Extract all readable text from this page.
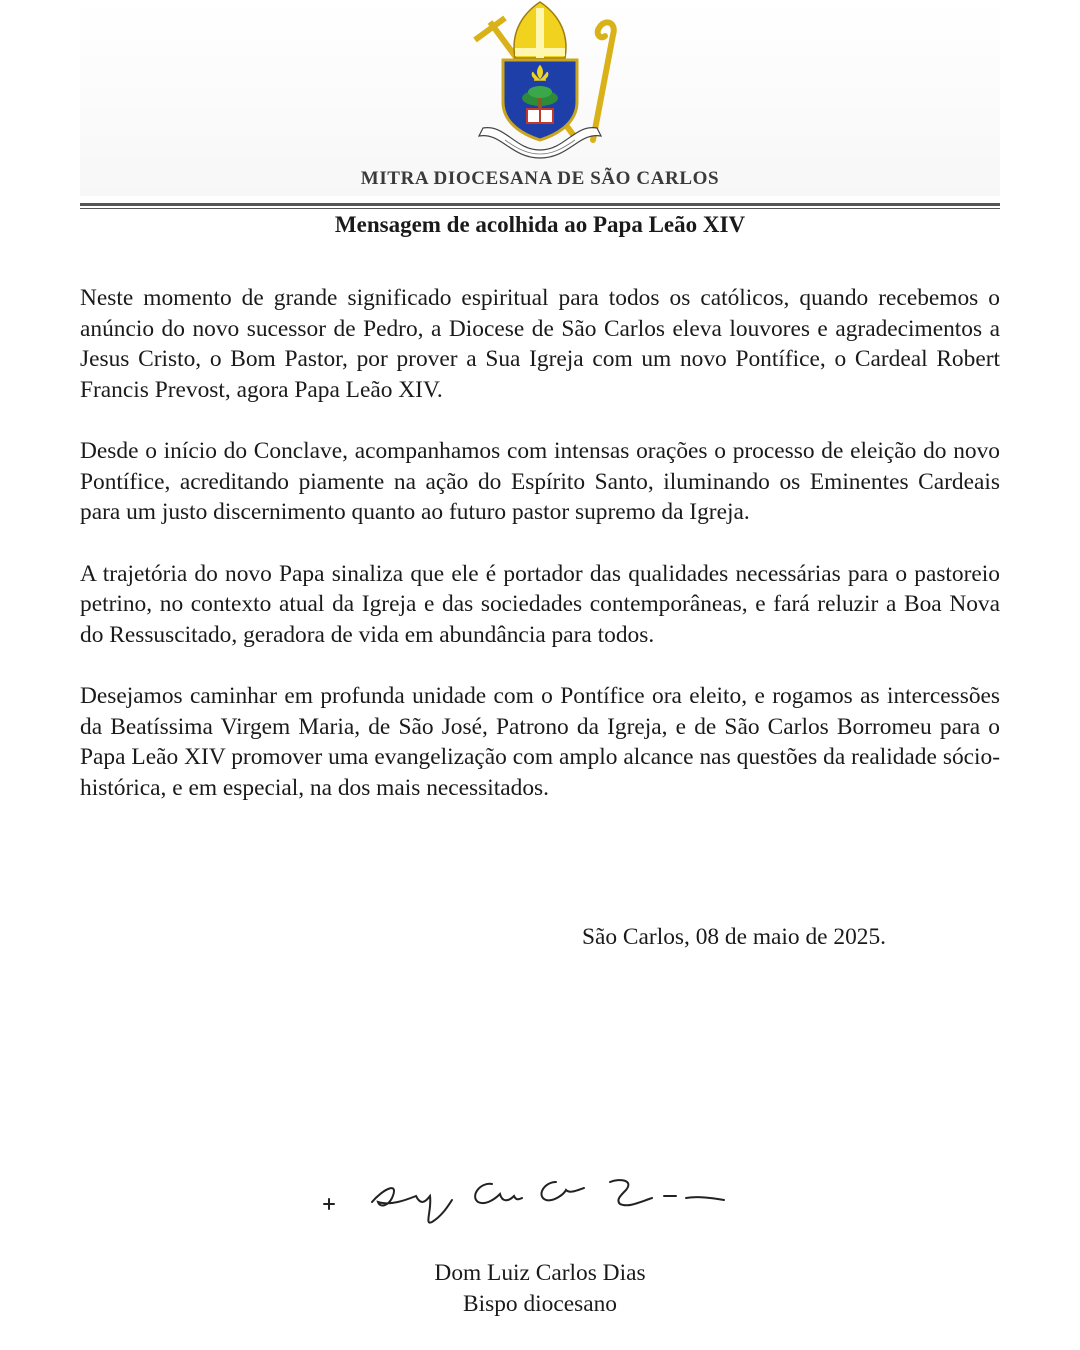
MITRA DIOCESANA DE SÃO CARLOS
Mensagem de acolhida ao Papa Leão XIV

Neste momento de grande significado espiritual para todos os católicos, quando recebemos o anúncio do novo sucessor de Pedro, a Diocese de São Carlos eleva louvores e agradecimentos a Jesus Cristo, o Bom Pastor, por prover a Sua Igreja com um novo Pontífice, o Cardeal Robert Francis Prevost, agora Papa Leão XIV.

Desde o início do Conclave, acompanhamos com intensas orações o processo de eleição do novo Pontífice, acreditando piamente na ação do Espírito Santo, iluminando os Eminentes Cardeais para um justo discernimento quanto ao futuro pastor supremo da Igreja.

A trajetória do novo Papa sinaliza que ele é portador das qualidades necessárias para o pastoreio petrino, no contexto atual da Igreja e das sociedades contemporâneas, e fará reluzir a Boa Nova do Ressuscitado, geradora de vida em abundância para todos.

Desejamos caminhar em profunda unidade com o Pontífice ora eleito, e rogamos as intercessões da Beatíssima Virgem Maria, de São José, Patrono da Igreja, e de São Carlos Borromeu para o Papa Leão XIV promover uma evangelização com amplo alcance nas questões da realidade sócio-histórica, e em especial, na dos mais necessitados.

São Carlos, 08 de maio de 2025.
Dom Luiz Carlos Dias
Bispo diocesano
